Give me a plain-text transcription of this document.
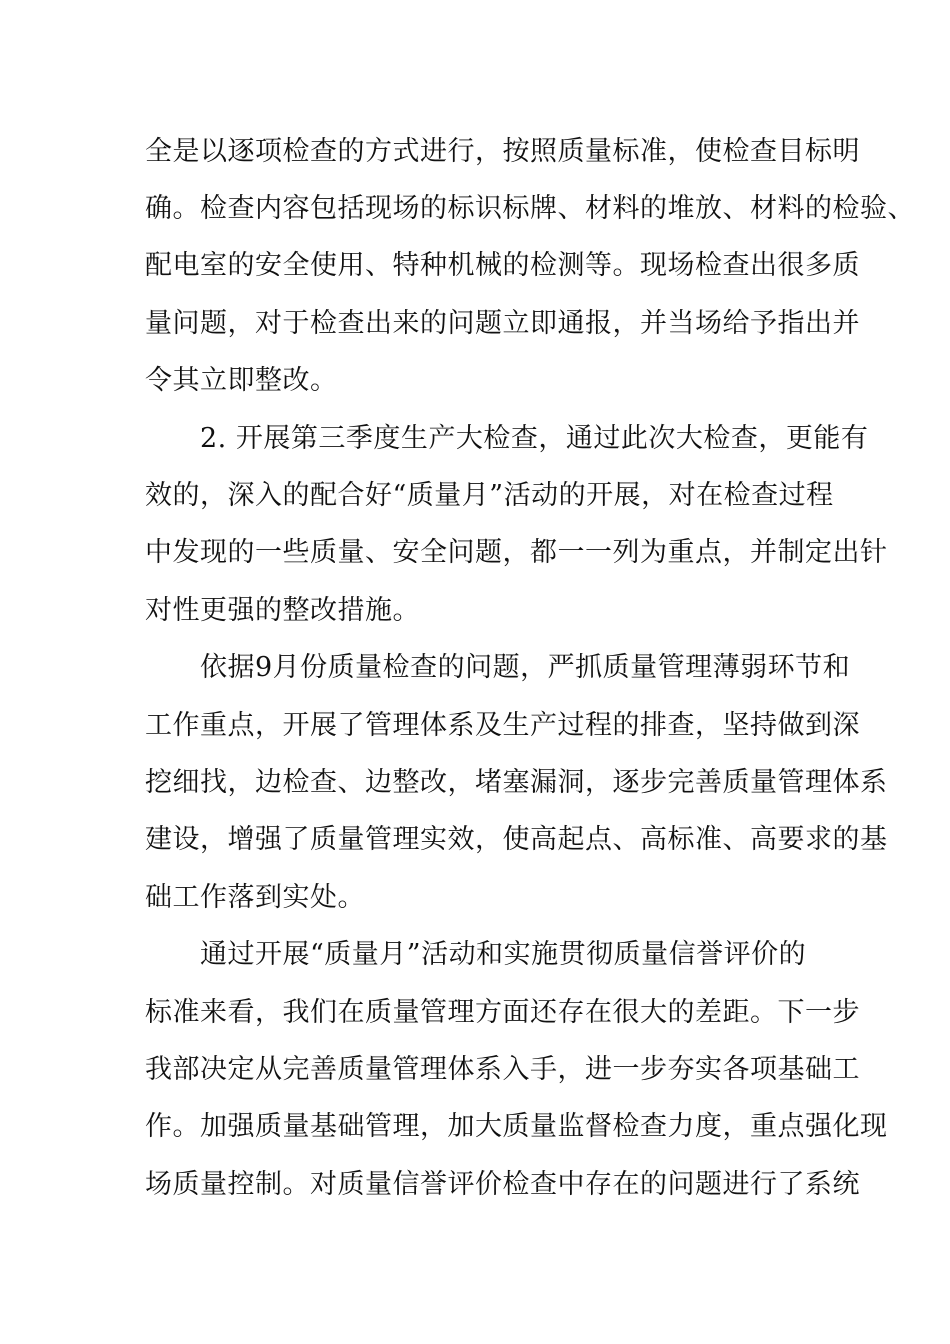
全是以逐项检查的方式进行，按照质量标准，使检查目标明
确。检查内容包括现场的标识标牌、材料的堆放、材料的检验、
配电室的安全使用、特种机械的检测等。现场检查出很多质
量问题，对于检查出来的问题立即通报，并当场给予指出并
令其立即整改。
2. 开展第三季度生产大检查，通过此次大检查，更能有
效的，深入的配合好“质量月”活动的开展，对在检查过程
中发现的一些质量、安全问题，都一一列为重点，并制定出针
对性更强的整改措施。
依据9月份质量检查的问题，严抓质量管理薄弱环节和
工作重点，开展了管理体系及生产过程的排查，坚持做到深
挖细找，边检查、边整改，堵塞漏洞，逐步完善质量管理体系
建设，增强了质量管理实效，使高起点、高标准、高要求的基
础工作落到实处。
通过开展“质量月”活动和实施贯彻质量信誉评价的
标准来看，我们在质量管理方面还存在很大的差距。下一步
我部决定从完善质量管理体系入手，进一步夯实各项基础工
作。加强质量基础管理，加大质量监督检查力度，重点强化现
场质量控制。对质量信誉评价检查中存在的问题进行了系统
